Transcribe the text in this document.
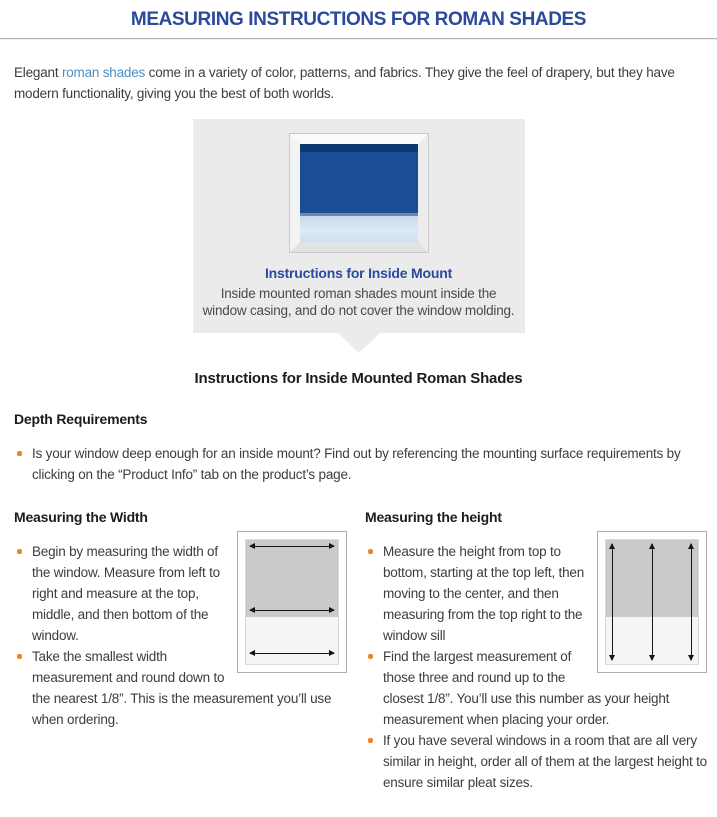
MEASURING INSTRUCTIONS FOR ROMAN SHADES

Elegant roman shades come in a variety of color, patterns, and fabrics. They give the feel of drapery, but they have modern functionality, giving you the best of both worlds.

Instructions for Inside Mount
Inside mounted roman shades mount inside the window casing, and do not cover the window molding.
Instructions for Inside Mounted Roman Shades
Depth Requirements
Is your window deep enough for an inside mount? Find out by referencing the mounting surface requirements by clicking on the “Product Info” tab on the product’s page.
Measuring the Width
Begin by measuring the width of the window. Measure from left to right and measure at the top, middle, and then bottom of the window.
Take the smallest width measurement and round down to the nearest 1/8”. This is the measurement you’ll use when ordering.
Measuring the height
Measure the height from top to bottom, starting at the top left, then moving to the center, and then measuring from the top right to the window sill
Find the largest measurement of those three and round up to the closest 1/8”. You’ll use this number as your height measurement when placing your order.
If you have several windows in a room that are all very similar in height, order all of them at the largest height to ensure similar pleat sizes.
